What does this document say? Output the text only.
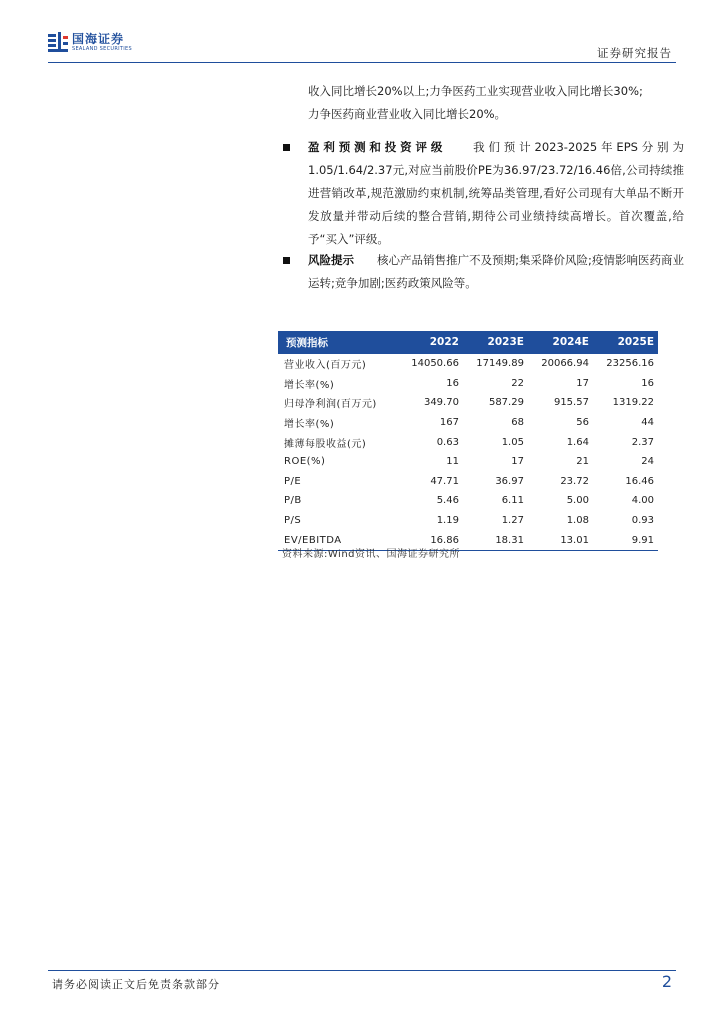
国海证券
SEALAND SECURITIES	证券研究报告
收入同比增长20%以上;力争医药工业实现营业收入同比增长30%;
力争医药商业营业收入同比增长20%。
盈利预测和投资评级   我们预计2023-2025年EPS分别为1.05/1.64/2.37元,对应当前股价PE为36.97/23.72/16.46倍,公司持续推进营销改革,规范激励约束机制,统筹品类管理,看好公司现有大单品不断开发放量并带动后续的整合营销,期待公司业绩持续高增长。首次覆盖,给予“买入”评级。
风险提示   核心产品销售推广不及预期;集采降价风险;疫情影响医药商业运转;竞争加剧;医药政策风险等。
预测指标	2022	2023E	2024E	2025E
营业收入(百万元)	14050.66	17149.89	20066.94	23256.16
增长率(%)	16	22	17	16
归母净利润(百万元)	349.70	587.29	915.57	1319.22
增长率(%)	167	68	56	44
摊薄每股收益(元)	0.63	1.05	1.64	2.37
ROE(%)	11	17	21	24
P/E	47.71	36.97	23.72	16.46
P/B	5.46	6.11	5.00	4.00
P/S	1.19	1.27	1.08	0.93
EV/EBITDA	16.86	18.31	13.01	9.91
资料来源:Wind资讯、国海证券研究所
请务必阅读正文后免责条款部分	2
